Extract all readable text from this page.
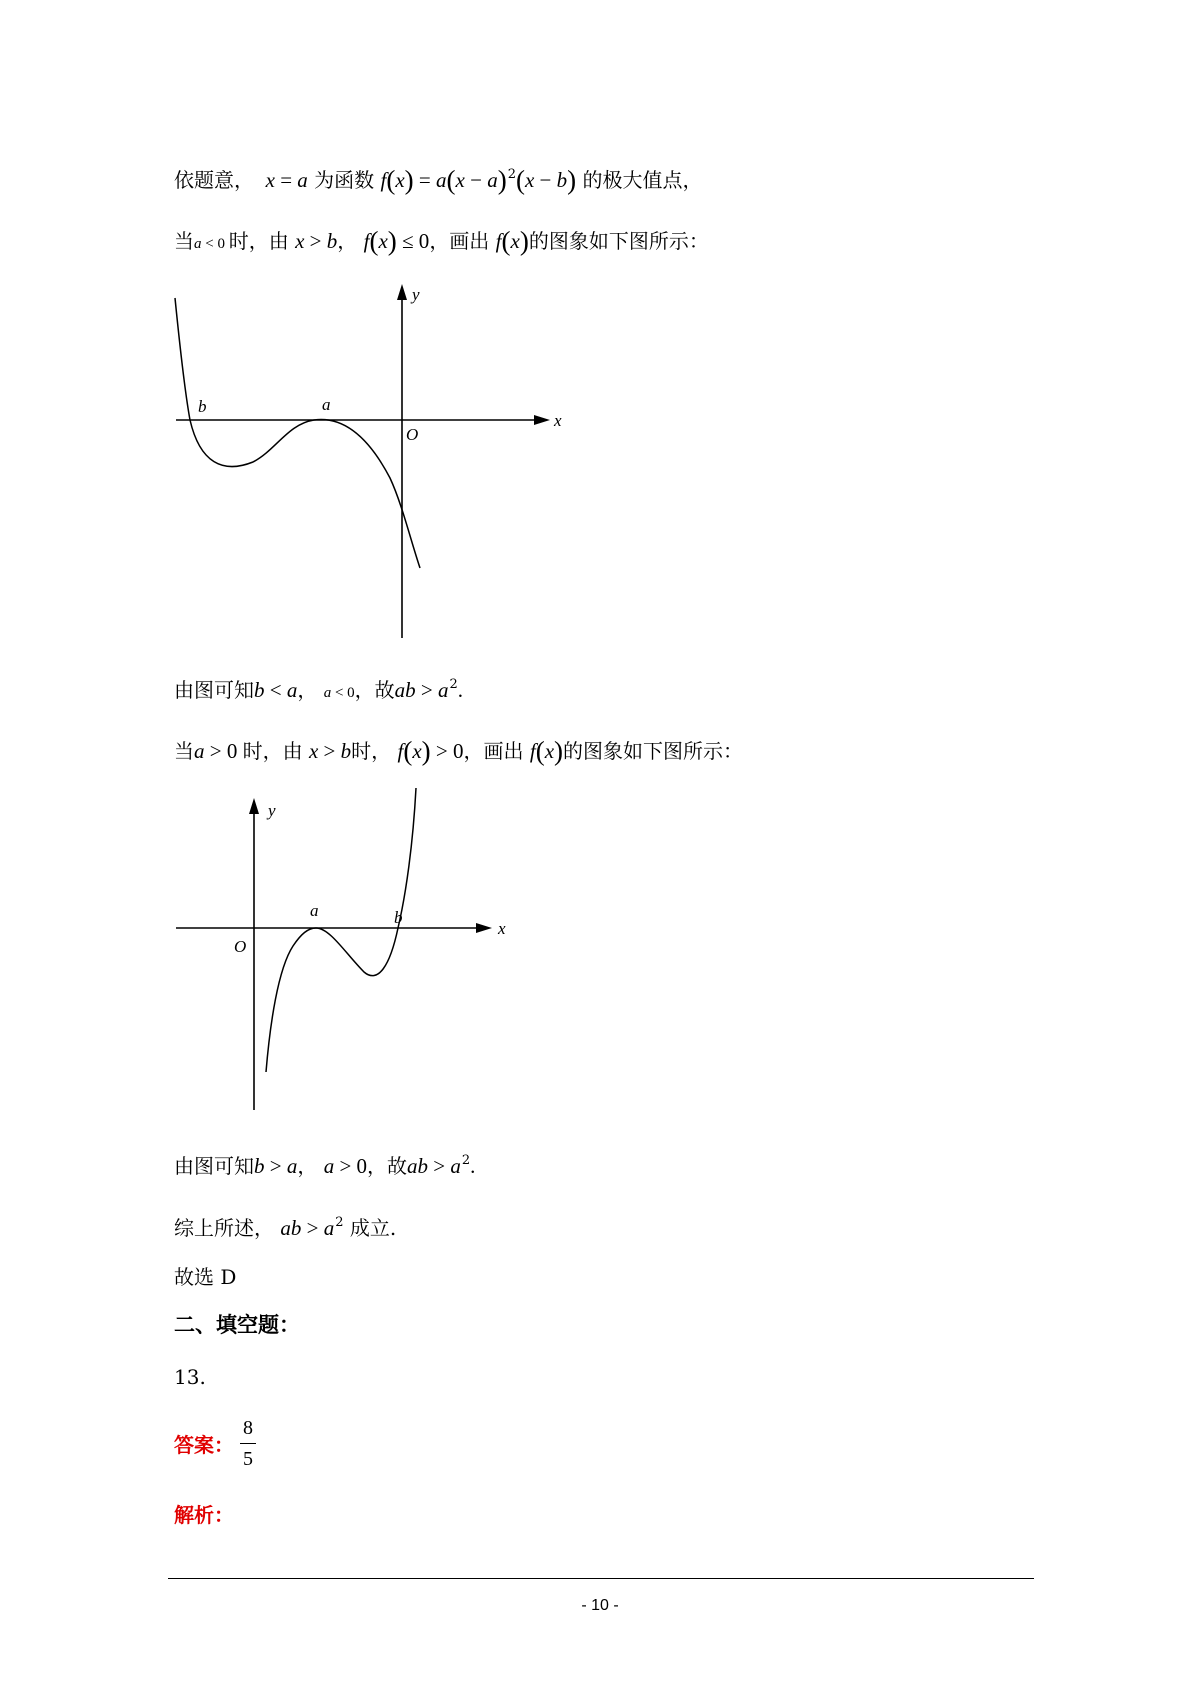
依题意，  x = a 为函数 $f(x) = a(x - a)^2(x - b)$ 的极大值点，
当a < 0 时，由 x > b， f(x) ≤ 0，画出 f(x)的图象如下图所示：
y
x
O
b	a
由图可知b < a， a < 0，故ab > $a^2$.
当a > 0 时，由 x > b时， f(x) > 0，画出 f(x)的图象如下图所示：
y
x
O
a	b
由图可知b > a， a > 0，故ab > $a^2$.
综上所述， ab > $a^2$ 成立.
故选 D
二、填空题：
13.
答案：
8
5
解析：
- 10 -
